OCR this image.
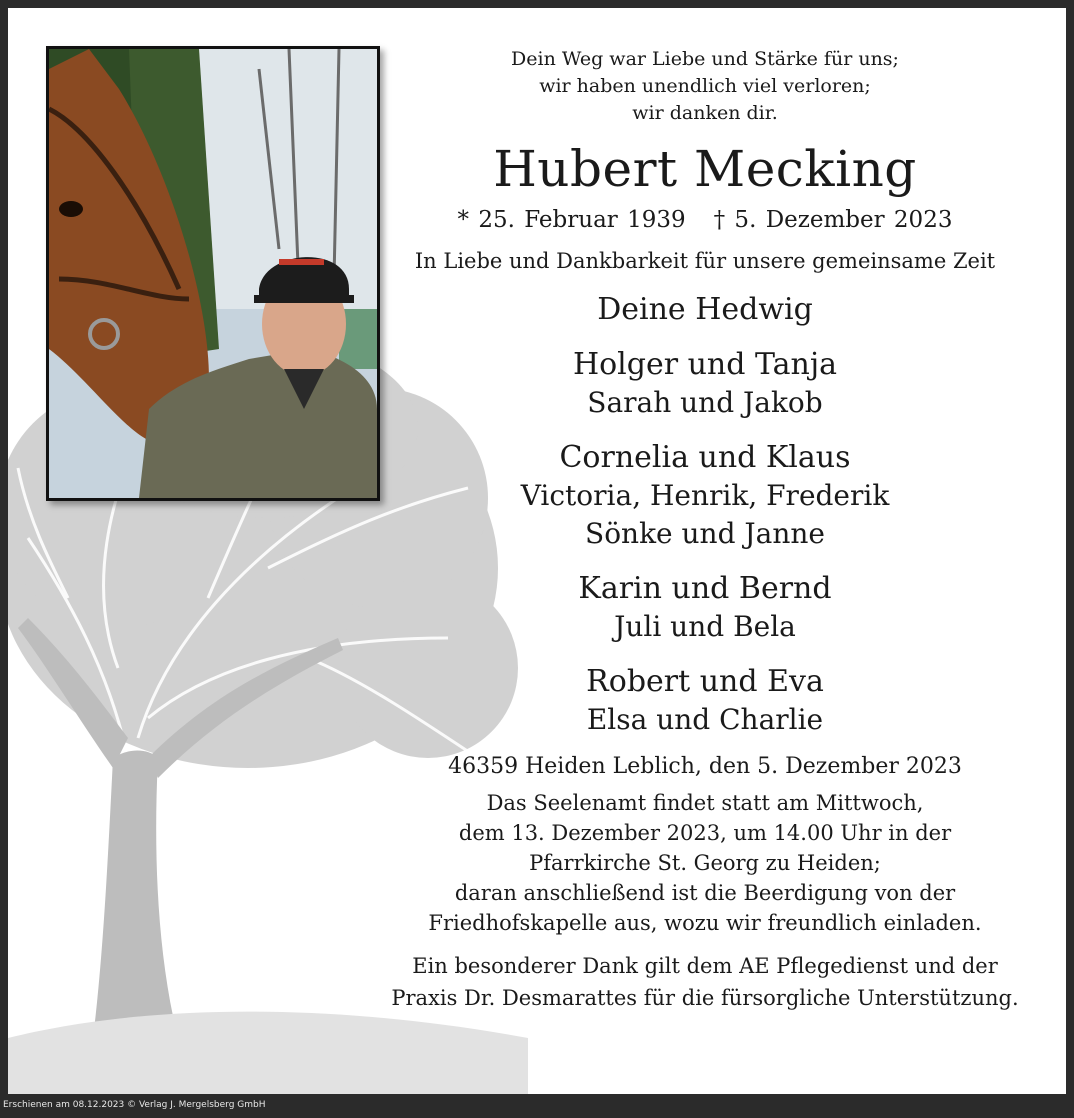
Dein Weg war Liebe und Stärke für uns;

wir haben unendlich viel verloren;

wir danken dir.

Hubert Mecking

* 25. Februar 1939 † 5. Dezember 2023

In Liebe und Dankbarkeit für unsere gemeinsame Zeit

Deine Hedwig

Holger und Tanja

Sarah und Jakob

Cornelia und Klaus

Victoria, Henrik, Frederik

Sönke und Janne

Karin und Bernd

Juli und Bela

Robert und Eva

Elsa und Charlie

46359 Heiden Leblich, den 5. Dezember 2023

Das Seelenamt findet statt am Mittwoch,

dem 13. Dezember 2023, um 14.00 Uhr in der

Pfarrkirche St. Georg zu Heiden;

daran anschließend ist die Beerdigung von der

Friedhofskapelle aus, wozu wir freundlich einladen.

Ein besonderer Dank gilt dem AE Pflegedienst und der

Praxis Dr. Desmarattes für die fürsorgliche Unterstützung.

Erschienen am 08.12.2023 © Verlag J. Mergelsberg GmbH
